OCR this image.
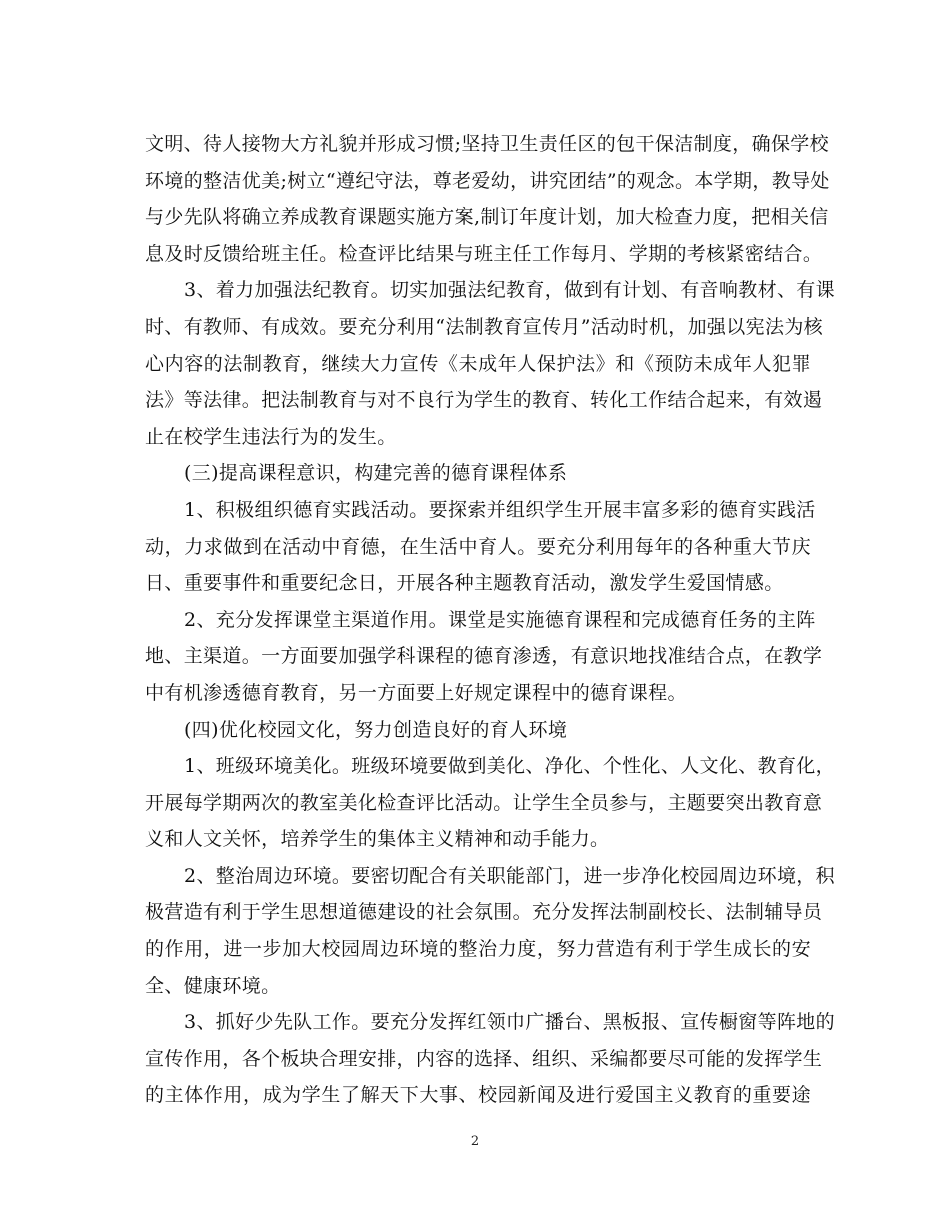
文明、待人接物大方礼貌并形成习惯;坚持卫生责任区的包干保洁制度，确保学校
环境的整洁优美;树立“遵纪守法，尊老爱幼，讲究团结”的观念。本学期，教导处
与少先队将确立养成教育课题实施方案,制订年度计划，加大检查力度，把相关信
息及时反馈给班主任。检查评比结果与班主任工作每月、学期的考核紧密结合。
3、着力加强法纪教育。切实加强法纪教育，做到有计划、有音响教材、有课
时、有教师、有成效。要充分利用“法制教育宣传月”活动时机，加强以宪法为核
心内容的法制教育，继续大力宣传《未成年人保护法》和《预防未成年人犯罪
法》等法律。把法制教育与对不良行为学生的教育、转化工作结合起来，有效遏
止在校学生违法行为的发生。
(三)提高课程意识，构建完善的德育课程体系
1、积极组织德育实践活动。要探索并组织学生开展丰富多彩的德育实践活
动，力求做到在活动中育德，在生活中育人。要充分利用每年的各种重大节庆
日、重要事件和重要纪念日，开展各种主题教育活动，激发学生爱国情感。
2、充分发挥课堂主渠道作用。课堂是实施德育课程和完成德育任务的主阵
地、主渠道。一方面要加强学科课程的德育渗透，有意识地找准结合点，在教学
中有机渗透德育教育，另一方面要上好规定课程中的德育课程。
(四)优化校园文化，努力创造良好的育人环境
1、班级环境美化。班级环境要做到美化、净化、个性化、人文化、教育化，
开展每学期两次的教室美化检查评比活动。让学生全员参与，主题要突出教育意
义和人文关怀，培养学生的集体主义精神和动手能力。
2、整治周边环境。要密切配合有关职能部门，进一步净化校园周边环境，积
极营造有利于学生思想道德建设的社会氛围。充分发挥法制副校长、法制辅导员
的作用，进一步加大校园周边环境的整治力度，努力营造有利于学生成长的安
全、健康环境。
3、抓好少先队工作。要充分发挥红领巾广播台、黑板报、宣传橱窗等阵地的
宣传作用，各个板块合理安排，内容的选择、组织、采编都要尽可能的发挥学生
的主体作用，成为学生了解天下大事、校园新闻及进行爱国主义教育的重要途
2
